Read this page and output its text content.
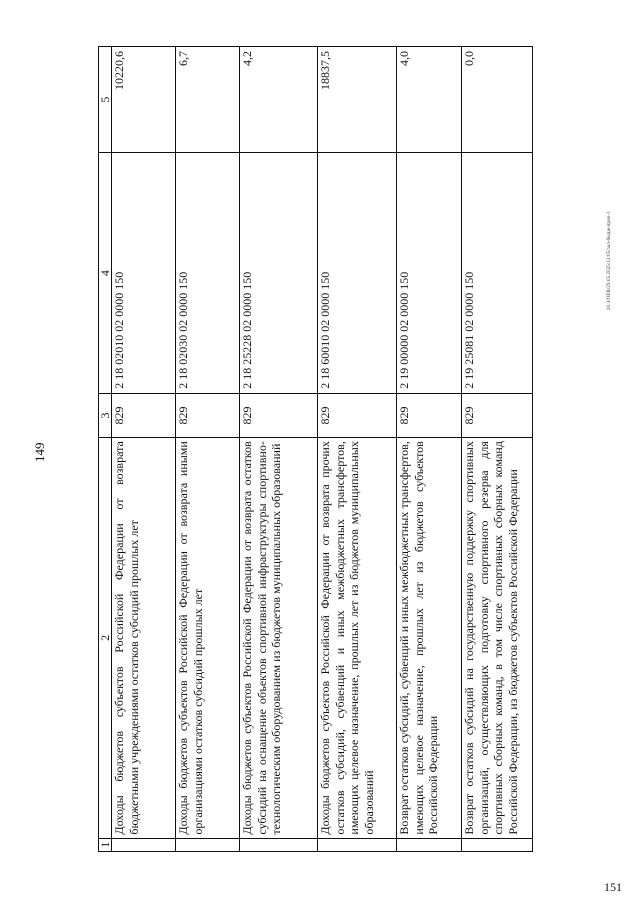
149
20.3/ОЕВ/29.05.2025/12:05/зал-бюдж-прил-1
151
1	2	3	4	5
	Доходы бюджетов субъектов Российской Федерации от возврата бюджетными учреждениями остатков субсидий прошлых лет	829	2 18 02010 02 0000 150	10220,6
	Доходы бюджетов субъектов Российской Федерации от возврата иными организациями остатков субсидий прошлых лет	829	2 18 02030 02 0000 150	6,7
	Доходы бюджетов субъектов Российской Федерации от возврата остатков субсидий на оснащение объектов спортивной инфраструктуры спортивно-технологическим оборудованием из бюджетов муниципальных образований	829	2 18 25228 02 0000 150	4,2
	Доходы бюджетов субъектов Российской Федерации от возврата прочих остатков субсидий, субвенций и иных межбюджетных трансфертов, имеющих целевое назначение, прошлых лет из бюджетов муниципальных образований	829	2 18 60010 02 0000 150	18837,5
	Возврат остатков субсидий, субвенций и иных межбюджетных трансфертов, имеющих целевое назначение, прошлых лет из бюджетов субъектов Российской Федерации	829	2 19 00000 02 0000 150	4,0
	Возврат остатков субсидий на государственную поддержку спортивных организаций, осуществляющих подготовку спортивного резерва для спортивных сборных команд, в том числе спортивных сборных команд Российской Федерации, из бюджетов субъектов Российской Федерации	829	2 19 25081 02 0000 150	0,0
